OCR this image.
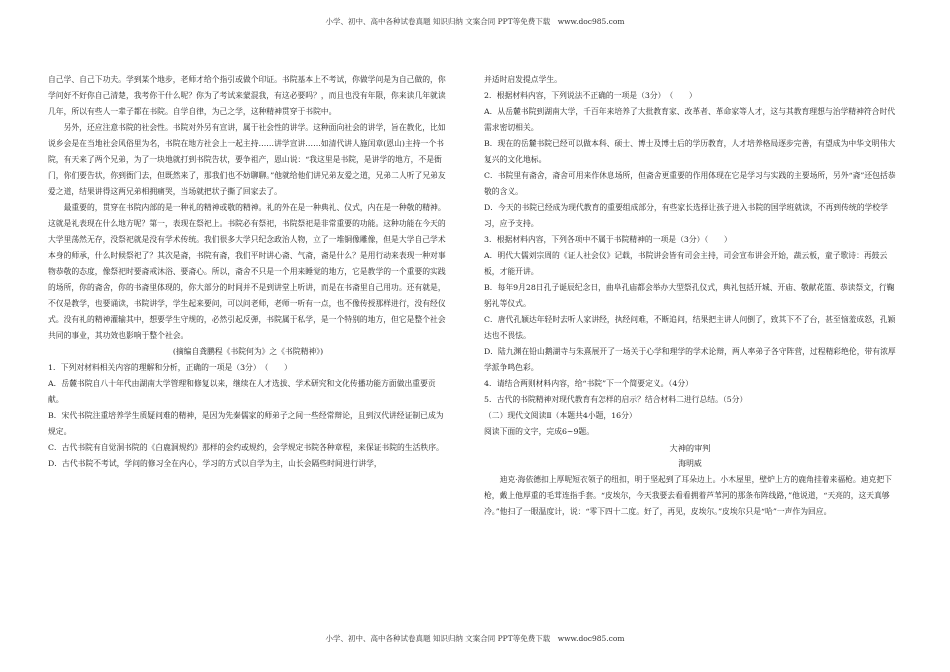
小学、初中、高中各种试卷真题 知识归纳 文案合同 PPT等免费下载　www.doc985.com

自己学、自己下功夫。学到某个地步，老师才给个指引或做个印证。书院基本上不考试，你做学问是为自己做的，你学问好不好你自己清楚，我考你干什么呢？你为了考试来蒙混我，有这必要吗？，而且也没有年限，你来读几年就读几年，所以有些人一辈子都在书院。自学自律，为己之学，这种精神贯穿于书院中。

另外，还应注意书院的社会性。书院对外另有宣讲，属于社会性的讲学。这种面向社会的讲学，旨在教化，比如说乡会是在当地社会风俗里为名，书院在地方社会上一起主持……讲学宣讲……如清代讲人施闰章(恩山)主持一个书院，有天来了两个兄弟，为了一块地就打到书院告状，要争祖产，恩山说：“我这里是书院，是讲学的地方，不是衙门，你们要告状，你到衙门去，但既然来了，那我们也不妨聊聊。”他就给他们讲兄弟友爱之道，兄弟二人听了兄弟友爱之道，结果讲得这两兄弟相拥痛哭，当场就把状子撕了回家去了。

最重要的，贯穿在书院内部的是一种礼的精神或敬的精神。礼的外在是一种典礼、仪式，内在是一种敬的精神。这就是礼表现在什么地方呢？第一，表现在祭祀上。书院必有祭祀，书院祭祀是非常重要的功能。这种功能在今天的大学里荡然无存，没祭祀就是没有学术传统。我们很多大学只纪念政治人物，立了一堆铜像雕像，但是大学自己学术本身的师承，什么时候祭祀了？其次是斋，书院有斋，我们平时讲心斋、气斋，斋是什么？是用行动来表现一种对事物恭敬的态度，像祭祀时要斋戒沐浴、要斋心。所以，斋舍不只是一个用来睡觉的地方，它是教学的一个重要的实践的场所，你的斋舍，你的书斋里体现的，你大部分的时间并不是到讲堂上听讲，而是在书斋里自己用功。还有就是，不仅是教学，也要诵读，书院讲学，学生起来要问，可以问老师，老师一听有一点，也不像传授那样进行，没有经仪式。没有礼的精神灌输其中，想要学生守规的，必然引起反弹，书院属于私学，是一个特别的地方，但它是整个社会共同的事业，其功效也影响于整个社会。

(摘编自龚鹏程《书院何为》之《书院精神》)

1．下列对材料相关内容的理解和分析，正确的一项是（3分）　（　　）

A．岳麓书院自八十年代由湖南大学管理和修复以来，继续在人才选拔、学术研究和文化传播功能方面做出重要贡献。

B．宋代书院注重培养学生质疑问难的精神，是因为先秦儒家的师弟子之间一些经常辩论，且到汉代讲经证制已成为规定。

C．古代书院有自觉洞书院的《白鹿洞规约》那样的会约或规约，会学规定书院各种章程，来保证书院的生活秩序。

D．古代书院不考试，学问的修习全在内心，学习的方式以自学为主，山长会隔些时间进行讲学，

并适时启发提点学生。

2．根据材料内容，下列说法不正确的一项是（3分）　（　　）

A．从岳麓书院到湖南大学，千百年来培养了大批教育家、改革者、革命家等人才，这与其教育理想与治学精神符合时代需求密切相关。

B．现在的岳麓书院已经可以做本科、硕士、博士及博士后的学历教育，人才培养格局逐步完善，有望成为中华文明伟大复兴的文化地标。

C．书院里有斋舍，斋舍可用来作休息场所，但斋舍更重要的作用体现在它是学习与实践的主要场所，另外“斋”还包括恭敬的含义。

D．今天的书院已经成为现代教育的重要组成部分，有些家长选择让孩子进入书院的国学班就读，不再到传统的学校学习，应予支持。

3．根据材料内容，下列各项中不属于书院精神的一项是（3分）（　　）

A．明代大儒刘宗周的《证人社会仪》记载，书院讲会皆有司会主持，司会宣布讲会开始，蔬云板，童子歌诗：再鼓云板，才能开讲。

B．每年9月28日孔子诞辰纪念日，曲阜孔庙都会举办大型祭孔仪式，典礼包括开城、开庙、敬献花篮、恭读祭文，行鞠躬礼等仪式。

C．唐代孔颖达年轻时去听人家讲经，执经问难，不断追问，结果把主讲人问倒了，致其下不了台，甚至恼羞成怒，孔颖达也不畏怯。

D．陆九渊在铅山鹅湖寺与朱熹展开了一场关于心学和理学的学术论辩，两人率弟子各守阵营，过程精彩绝伦，带有浓厚学派争鸣色彩。

4．请结合两则材料内容，给“书院”下一个简要定义。（4分）

5．古代的书院精神对现代教育有怎样的启示？结合材料二进行总结。（5分）

（二）现代文阅读Ⅱ（本题共4小题，16分）

阅读下面的文字，完成6~9题。

大神的审判

海明威

迪克·海依德扣上厚呢短衣领子的纽扣，明于坚起到了耳朵边上。小木屋里，壁炉上方的鹿角挂着来福枪。迪克把下枪，戴上他厚重的毛茸连指手套。“皮埃尔，今天我要去看看拥着芦苇河的那条布阵线路，”他说道，“天亮的，这天真够冷。”他扫了一眼温度计，说：“零下四十二度。好了，再见，皮埃尔。”皮埃尔只是“哈”一声作为回应。

小学、初中、高中各种试卷真题 知识归纳 文案合同 PPT等免费下载　www.doc985.com
